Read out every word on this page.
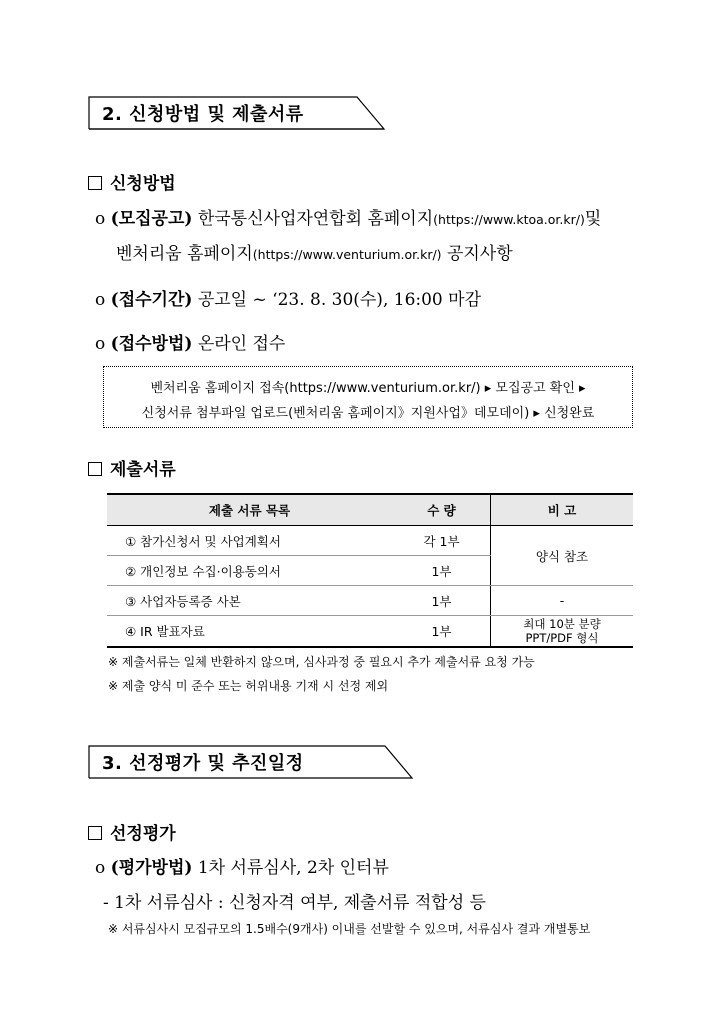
2. 신청방법 및 제출서류
신청방법
o (모집공고) 한국통신사업자연합회 홈페이지(https://www.ktoa.or.kr/)및
벤처리움 홈페이지(https://www.venturium.or.kr/) 공지사항
o (접수기간) 공고일 ~ ‘23. 8. 30(수), 16:00 마감
o (접수방법) 온라인 접수
벤처리움 홈페이지 접속(https://www.venturium.or.kr/) ▸ 모집공고 확인 ▸
신청서류 첨부파일 업로드(벤처리움 홈페이지》지원사업》데모데이) ▸ 신청완료
제출서류
제출 서류 목록	수 량	비 고
① 참가신청서 및 사업계획서	각 1부	양식 참조
② 개인정보 수집·이용동의서	1부	
③ 사업자등록증 사본	1부	-
④ IR 발표자료	1부	최대 10분 분량
PPT/PDF 형식
※ 제출서류는 일체 반환하지 않으며, 심사과정 중 필요시 추가 제출서류 요청 가능
※ 제출 양식 미 준수 또는 허위내용 기재 시 선정 제외
3. 선정평가 및 추진일정
선정평가
o (평가방법) 1차 서류심사, 2차 인터뷰
- 1차 서류심사 : 신청자격 여부, 제출서류 적합성 등
※ 서류심사시 모집규모의 1.5배수(9개사) 이내를 선발할 수 있으며, 서류심사 결과 개별통보
